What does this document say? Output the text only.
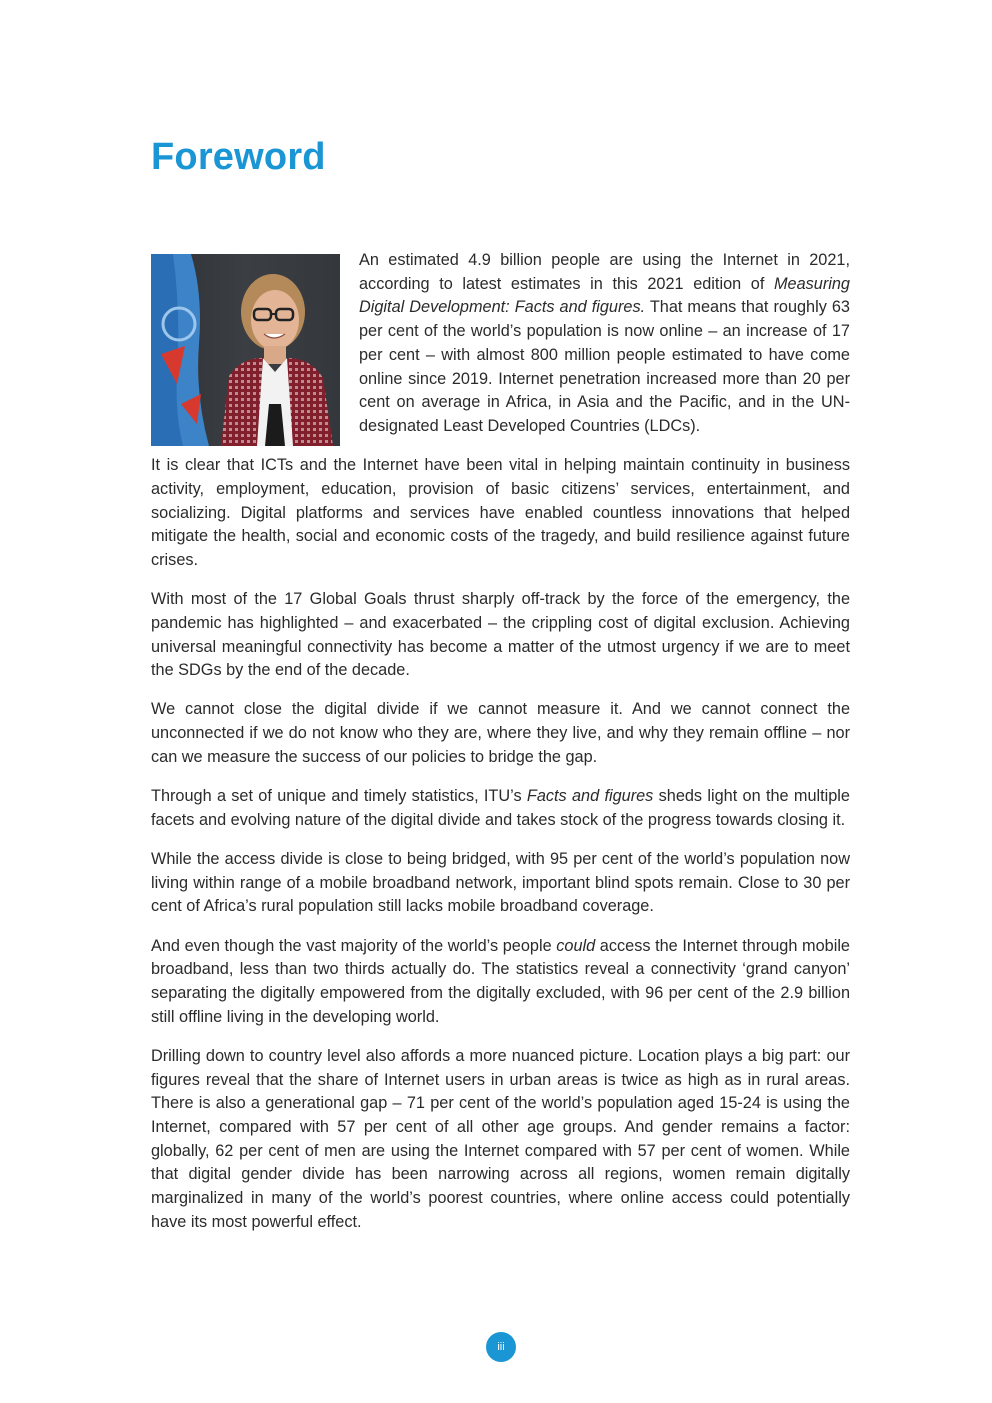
Foreword

An estimated 4.9 billion people are using the Internet in 2021, according to latest estimates in this 2021 edition of Measuring Digital Development: Facts and figures. That means that roughly 63 per cent of the world’s population is now online – an increase of 17 per cent – with almost 800 million people estimated to have come online since 2019. Internet penetration increased more than 20 per cent on average in Africa, in Asia and the Pacific, and in the UN-designated Least Developed Countries (LDCs).

It is clear that ICTs and the Internet have been vital in helping maintain continuity in business activity, employment, education, provision of basic citizens’ services, entertainment, and socializing. Digital platforms and services have enabled countless innovations that helped mitigate the health, social and economic costs of the tragedy, and build resilience against future crises.

With most of the 17 Global Goals thrust sharply off-track by the force of the emergency, the pandemic has highlighted – and exacerbated – the crippling cost of digital exclusion. Achieving universal meaningful connectivity has become a matter of the utmost urgency if we are to meet the SDGs by the end of the decade.

We cannot close the digital divide if we cannot measure it. And we cannot connect the unconnected if we do not know who they are, where they live, and why they remain offline – nor can we measure the success of our policies to bridge the gap.

Through a set of unique and timely statistics, ITU’s Facts and figures sheds light on the multiple facets and evolving nature of the digital divide and takes stock of the progress towards closing it.

While the access divide is close to being bridged, with 95 per cent of the world’s population now living within range of a mobile broadband network, important blind spots remain. Close to 30 per cent of Africa’s rural population still lacks mobile broadband coverage.

And even though the vast majority of the world’s people could access the Internet through mobile broadband, less than two thirds actually do. The statistics reveal a connectivity ‘grand canyon’ separating the digitally empowered from the digitally excluded, with 96 per cent of the 2.9 billion still offline living in the developing world.

Drilling down to country level also affords a more nuanced picture. Location plays a big part: our figures reveal that the share of Internet users in urban areas is twice as high as in rural areas. There is also a generational gap – 71 per cent of the world’s population aged 15-24 is using the Internet, compared with 57 per cent of all other age groups. And gender remains a factor: globally, 62 per cent of men are using the Internet compared with 57 per cent of women. While that digital gender divide has been narrowing across all regions, women remain digitally marginalized in many of the world’s poorest countries, where online access could potentially have its most powerful effect.

iii
